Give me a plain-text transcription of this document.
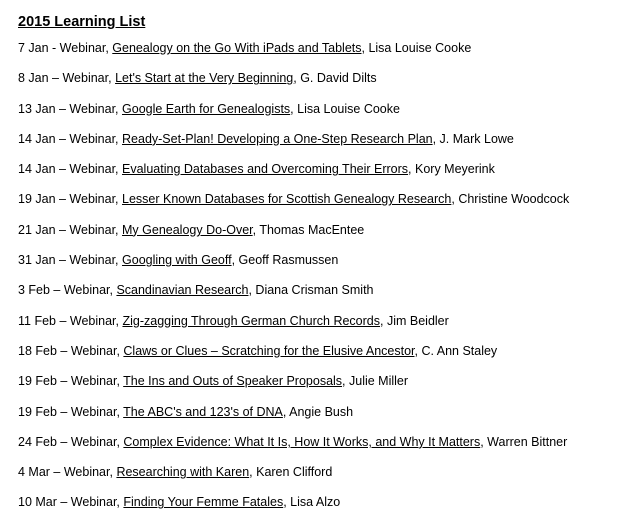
2015 Learning List
7 Jan - Webinar, Genealogy on the Go With iPads and Tablets, Lisa Louise Cooke
8 Jan – Webinar, Let's Start at the Very Beginning, G. David Dilts
13 Jan – Webinar, Google Earth for Genealogists, Lisa Louise Cooke
14 Jan – Webinar, Ready-Set-Plan! Developing a One-Step Research Plan, J. Mark Lowe
14 Jan – Webinar, Evaluating Databases and Overcoming Their Errors, Kory Meyerink
19 Jan – Webinar, Lesser Known Databases for Scottish Genealogy Research, Christine Woodcock
21 Jan – Webinar, My Genealogy Do-Over, Thomas MacEntee
31 Jan – Webinar, Googling with Geoff, Geoff Rasmussen
3 Feb – Webinar, Scandinavian Research, Diana Crisman Smith
11 Feb – Webinar, Zig-zagging Through German Church Records, Jim Beidler
18 Feb – Webinar, Claws or Clues – Scratching for the Elusive Ancestor, C. Ann Staley
19 Feb – Webinar, The Ins and Outs of Speaker Proposals, Julie Miller
19 Feb – Webinar, The ABC's and 123's of DNA, Angie Bush
24 Feb – Webinar, Complex Evidence: What It Is, How It Works, and Why It Matters, Warren Bittner
4 Mar – Webinar, Researching with Karen, Karen Clifford
10 Mar – Webinar, Finding Your Femme Fatales, Lisa Alzo
